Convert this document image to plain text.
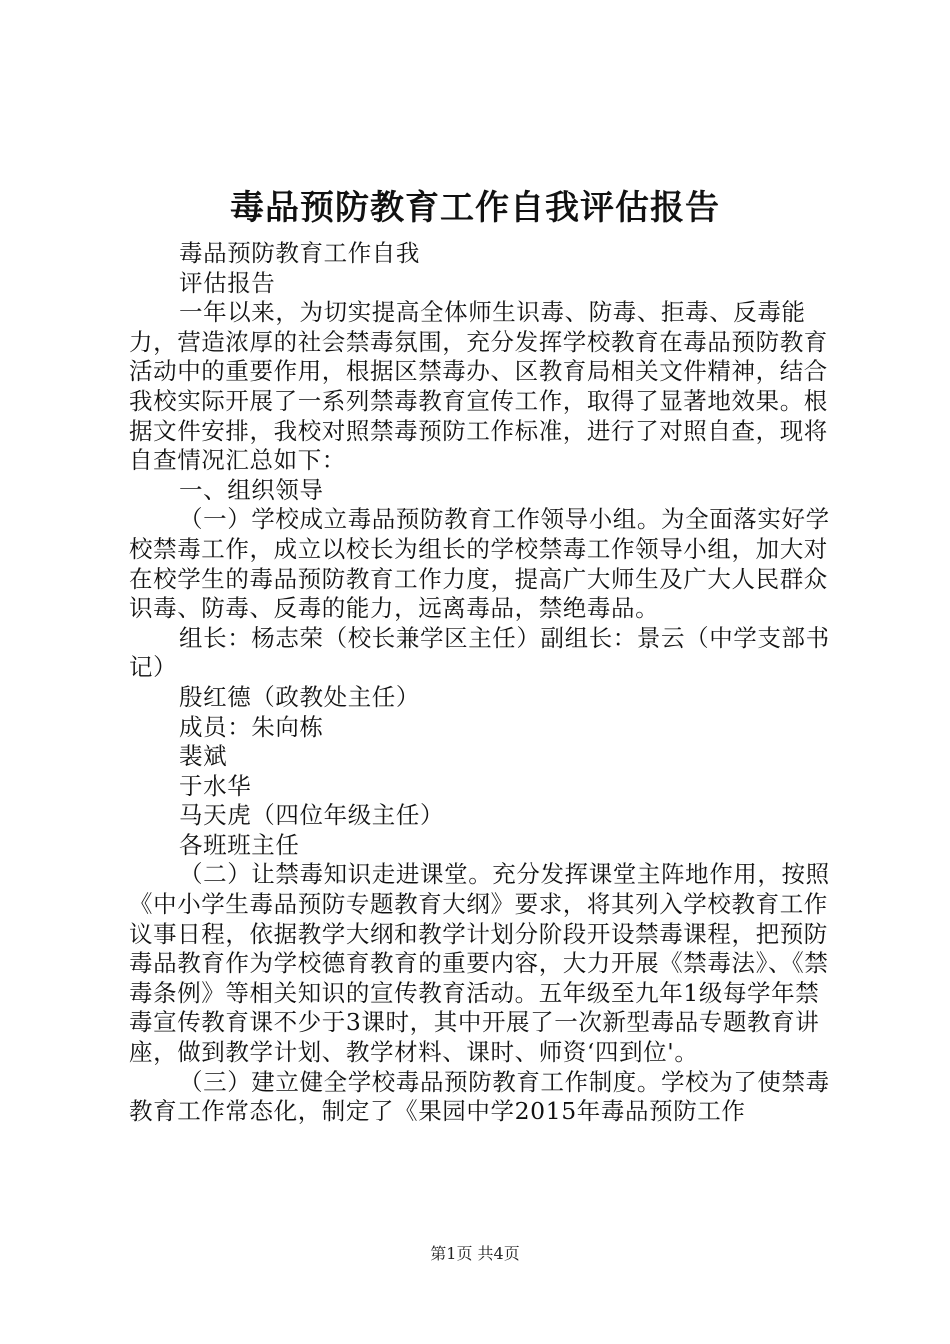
毒品预防教育工作自我评估报告

毒品预防教育工作自我

评估报告

一年以来，为切实提高全体师生识毒、防毒、拒毒、反毒能力，营造浓厚的社会禁毒氛围，充分发挥学校教育在毒品预防教育活动中的重要作用，根据区禁毒办、区教育局相关文件精神，结合我校实际开展了一系列禁毒教育宣传工作，取得了显著地效果。根据文件安排，我校对照禁毒预防工作标准，进行了对照自查，现将自查情况汇总如下：

一、组织领导

（一）学校成立毒品预防教育工作领导小组。为全面落实好学校禁毒工作，成立以校长为组长的学校禁毒工作领导小组，加大对在校学生的毒品预防教育工作力度，提高广大师生及广大人民群众识毒、防毒、反毒的能力，远离毒品，禁绝毒品。

组长：杨志荣（校长兼学区主任）副组长：景云（中学支部书记）

殷红德（政教处主任）

成员：朱向栋

裴斌

于水华

马天虎（四位年级主任）

各班班主任

（二）让禁毒知识走进课堂。充分发挥课堂主阵地作用，按照《中小学生毒品预防专题教育大纲》要求，将其列入学校教育工作议事日程，依据教学大纲和教学计划分阶段开设禁毒课程，把预防毒品教育作为学校德育教育的重要内容，大力开展《禁毒法》、《禁毒条例》等相关知识的宣传教育活动。五年级至九年1级每学年禁毒宣传教育课不少于3课时，其中开展了一次新型毒品专题教育讲座，做到教学计划、教学材料、课时、师资‘四到位'。

（三）建立健全学校毒品预防教育工作制度。学校为了使禁毒教育工作常态化，制定了《果园中学2015年毒品预防工作

第1页 共4页
